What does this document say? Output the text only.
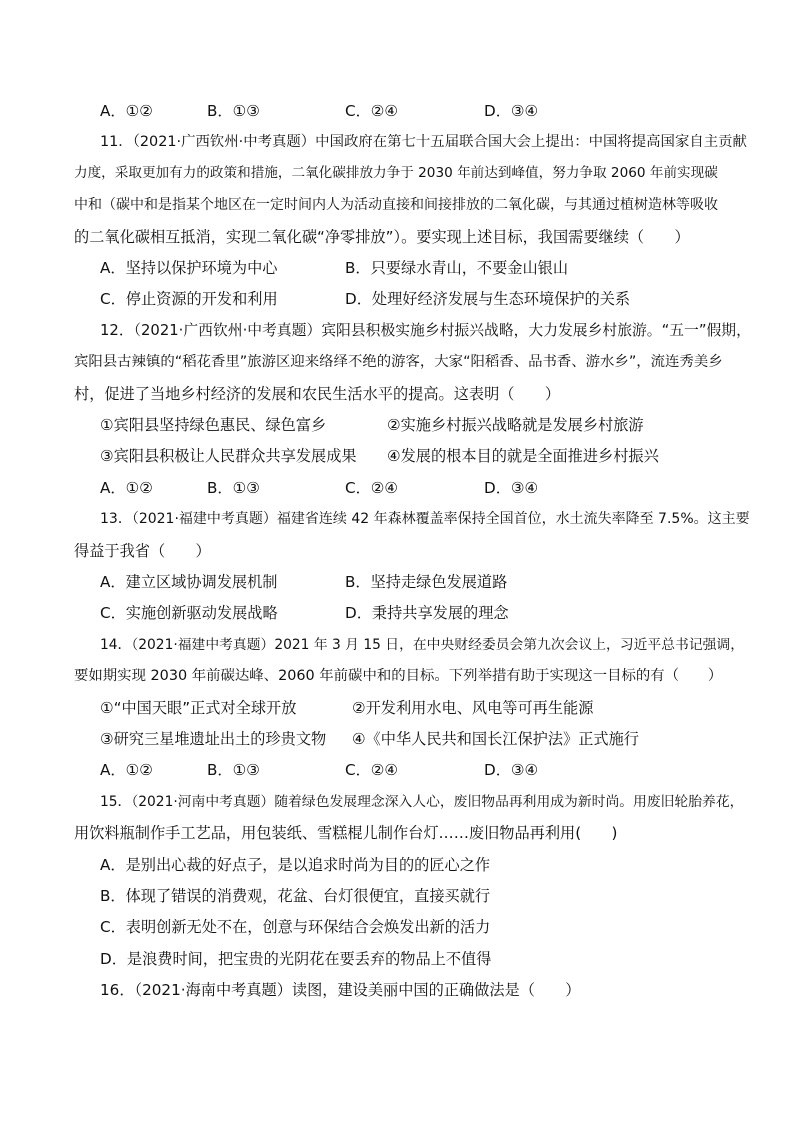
A．①②	B．①③	C．②④	D．③④
11．（2021·广西钦州·中考真题）中国政府在第七十五届联合国大会上提出：中国将提高国家自主贡献
力度，采取更加有力的政策和措施，二氧化碳排放力争于 2030 年前达到峰值，努力争取 2060 年前实现碳
中和（碳中和是指某个地区在一定时间内人为活动直接和间接排放的二氧化碳，与其通过植树造林等吸收
的二氧化碳相互抵消，实现二氧化碳“净零排放”）。要实现上述目标，我国需要继续（　　）
A．坚持以保护环境为中心	B．只要绿水青山，不要金山银山
C．停止资源的开发和利用	D．处理好经济发展与生态环境保护的关系
12．（2021·广西钦州·中考真题）宾阳县积极实施乡村振兴战略，大力发展乡村旅游。“五一”假期，
宾阳县古辣镇的“稻花香里”旅游区迎来络绎不绝的游客，大家“阳稻香、品书香、游水乡”，流连秀美乡
村，促进了当地乡村经济的发展和农民生活水平的提高。这表明（　　）
①宾阳县坚持绿色惠民、绿色富乡	②实施乡村振兴战略就是发展乡村旅游
③宾阳县积极让人民群众共享发展成果 ④发展的根本目的就是全面推进乡村振兴
A．①②	B．①③	C．②④	D．③④
13．（2021·福建中考真题）福建省连续 42 年森林覆盖率保持全国首位，水土流失率降至 7.5%。这主要
得益于我省（　　）
A．建立区域协调发展机制	B．坚持走绿色发展道路
C．实施创新驱动发展战略	D．秉持共享发展的理念
14．（2021·福建中考真题）2021 年 3 月 15 日，在中央财经委员会第九次会议上，习近平总书记强调，
要如期实现 2030 年前碳达峰、2060 年前碳中和的目标。下列举措有助于实现这一目标的有（　　）
①“中国天眼”正式对全球开放	②开发利用水电、风电等可再生能源
③研究三星堆遗址出土的珍贵文物 ④《中华人民共和国长江保护法》正式施行
A．①②	B．①③	C．②④	D．③④
15．（2021·河南中考真题）随着绿色发展理念深入人心，废旧物品再利用成为新时尚。用废旧轮胎养花，
用饮料瓶制作手工艺品，用包装纸、雪糕棍儿制作台灯……废旧物品再利用(　　)
A．是别出心裁的好点子，是以追求时尚为目的的匠心之作
B．体现了错误的消费观，花盆、台灯很便宜，直接买就行
C．表明创新无处不在，创意与环保结合会焕发出新的活力
D．是浪费时间，把宝贵的光阴花在要丢弃的物品上不值得
16．（2021·海南中考真题）读图，建设美丽中国的正确做法是（　　）
